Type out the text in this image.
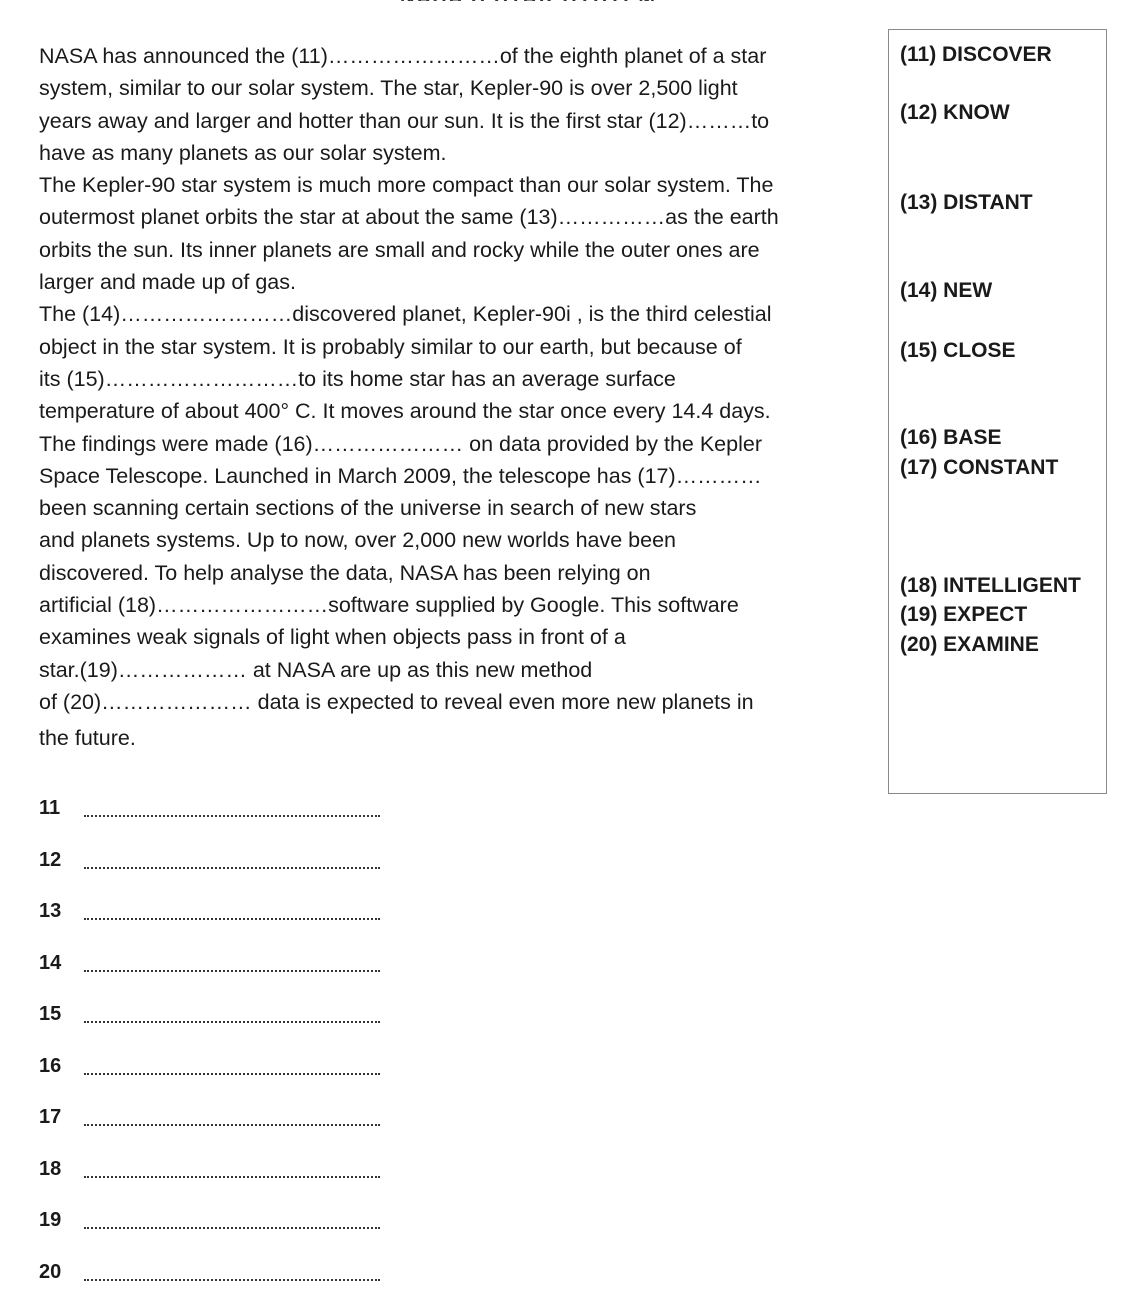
NASA has announced the (11)……………………of the eighth planet of a star
system, similar to our solar system. The star, Kepler-90 is over 2,500 light
years away and larger and hotter than our sun. It is the first star (12)………to
have as many planets as our solar system.
The Kepler-90 star system is much more compact than our solar system. The
outermost planet orbits the star at about the same (13)……………as the earth
orbits the sun. Its inner planets are small and rocky while the outer ones are
larger and made up of gas.
The (14)……………………discovered planet, Kepler-90i , is the third celestial
object in the star system. It is probably similar to our earth, but because of
its (15)………………………to its home star has an average surface
temperature of about 400° C. It moves around the star once every 14.4 days.
The findings were made (16)………………… on data provided by the Kepler
Space Telescope. Launched in March 2009, the telescope has (17)…………
been scanning certain sections of the universe in search of new stars
and planets systems. Up to now, over 2,000 new worlds have been
discovered. To help analyse the data, NASA has been relying on
artificial (18)……………………software supplied by Google. This software
examines weak signals of light when objects pass in front of a
star.(19)……………… at NASA are up as this new method
of (20)………………… data is expected to reveal even more new planets in
the future.
(11) DISCOVER
(12) KNOW
(13) DISTANT
(14) NEW
(15) CLOSE
(16) BASE
(17) CONSTANT
(18) INTELLIGENT
(19) EXPECT
(20) EXAMINE
11
12
13
14
15
16
17
18
19
20
